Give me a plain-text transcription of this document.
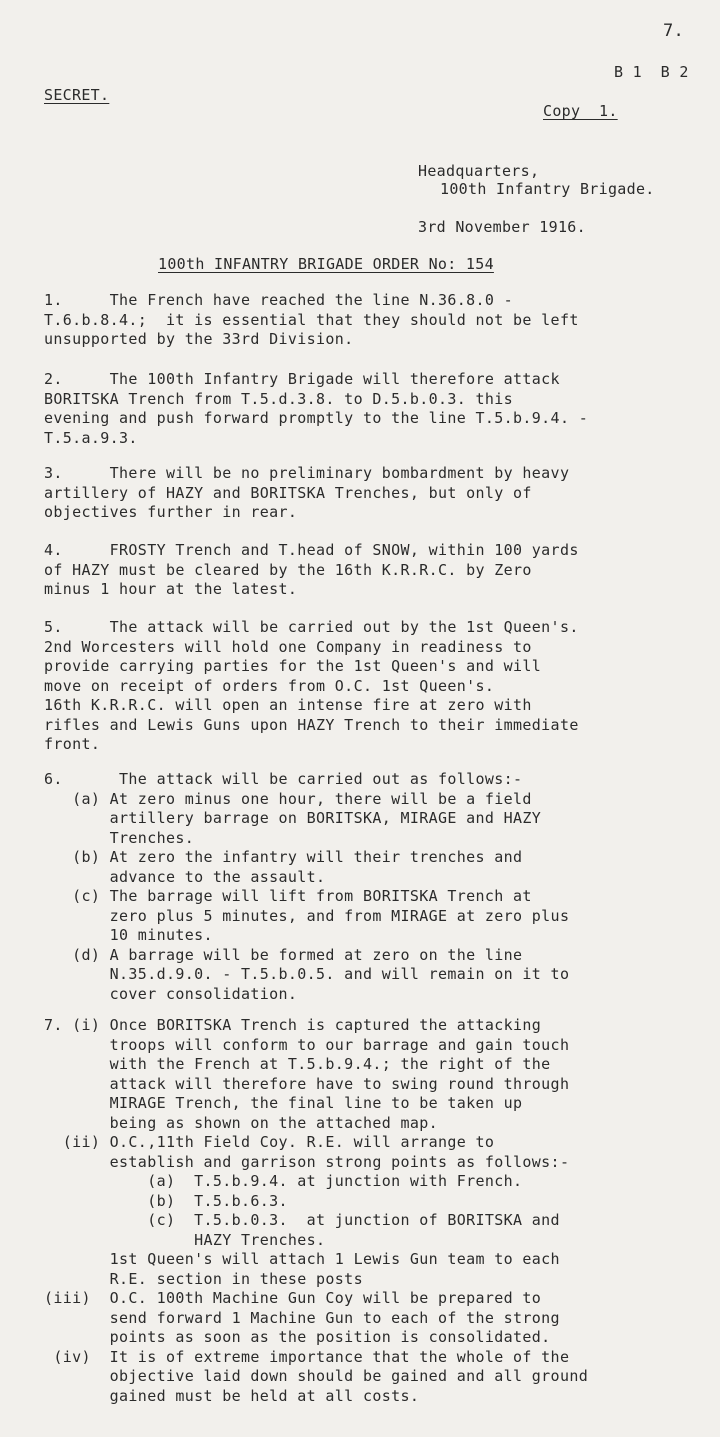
7.
B 1  B 2
SECRET.
Copy  1.
Headquarters,
100th Infantry Brigade.
3rd November 1916.
100th INFANTRY BRIGADE ORDER No: 154
1.     The French have reached the line N.36.8.0 -
T.6.b.8.4.;  it is essential that they should not be left
unsupported by the 33rd Division.
2.     The 100th Infantry Brigade will therefore attack
BORITSKA Trench from T.5.d.3.8. to D.5.b.0.3. this
evening and push forward promptly to the line T.5.b.9.4. -
T.5.a.9.3.
3.     There will be no preliminary bombardment by heavy
artillery of HAZY and BORITSKA Trenches, but only of
objectives further in rear.
4.     FROSTY Trench and T.head of SNOW, within 100 yards
of HAZY must be cleared by the 16th K.R.R.C. by Zero
minus 1 hour at the latest.
5.     The attack will be carried out by the 1st Queen's.
2nd Worcesters will hold one Company in readiness to
provide carrying parties for the 1st Queen's and will
move on receipt of orders from O.C. 1st Queen's.
16th K.R.R.C. will open an intense fire at zero with
rifles and Lewis Guns upon HAZY Trench to their immediate
front.
6.      The attack will be carried out as follows:-
(a) At zero minus one hour, there will be a field
artillery barrage on BORITSKA, MIRAGE and HAZY
Trenches.
(b) At zero the infantry will their trenches and
advance to the assault.
(c) The barrage will lift from BORITSKA Trench at
zero plus 5 minutes, and from MIRAGE at zero plus
10 minutes.
(d) A barrage will be formed at zero on the line
N.35.d.9.0. - T.5.b.0.5. and will remain on it to
cover consolidation.
7. (i) Once BORITSKA Trench is captured the attacking
troops will conform to our barrage and gain touch
with the French at T.5.b.9.4.; the right of the
attack will therefore have to swing round through
MIRAGE Trench, the final line to be taken up
being as shown on the attached map.
(ii) O.C.,11th Field Coy. R.E. will arrange to
establish and garrison strong points as follows:-
(a)  T.5.b.9.4. at junction with French.
(b)  T.5.b.6.3.
(c)  T.5.b.0.3.  at junction of BORITSKA and
HAZY Trenches.
1st Queen's will attach 1 Lewis Gun team to each
R.E. section in these posts
(iii)  O.C. 100th Machine Gun Coy will be prepared to
send forward 1 Machine Gun to each of the strong
points as soon as the position is consolidated.
(iv)  It is of extreme importance that the whole of the
objective laid down should be gained and all ground
gained must be held at all costs.
